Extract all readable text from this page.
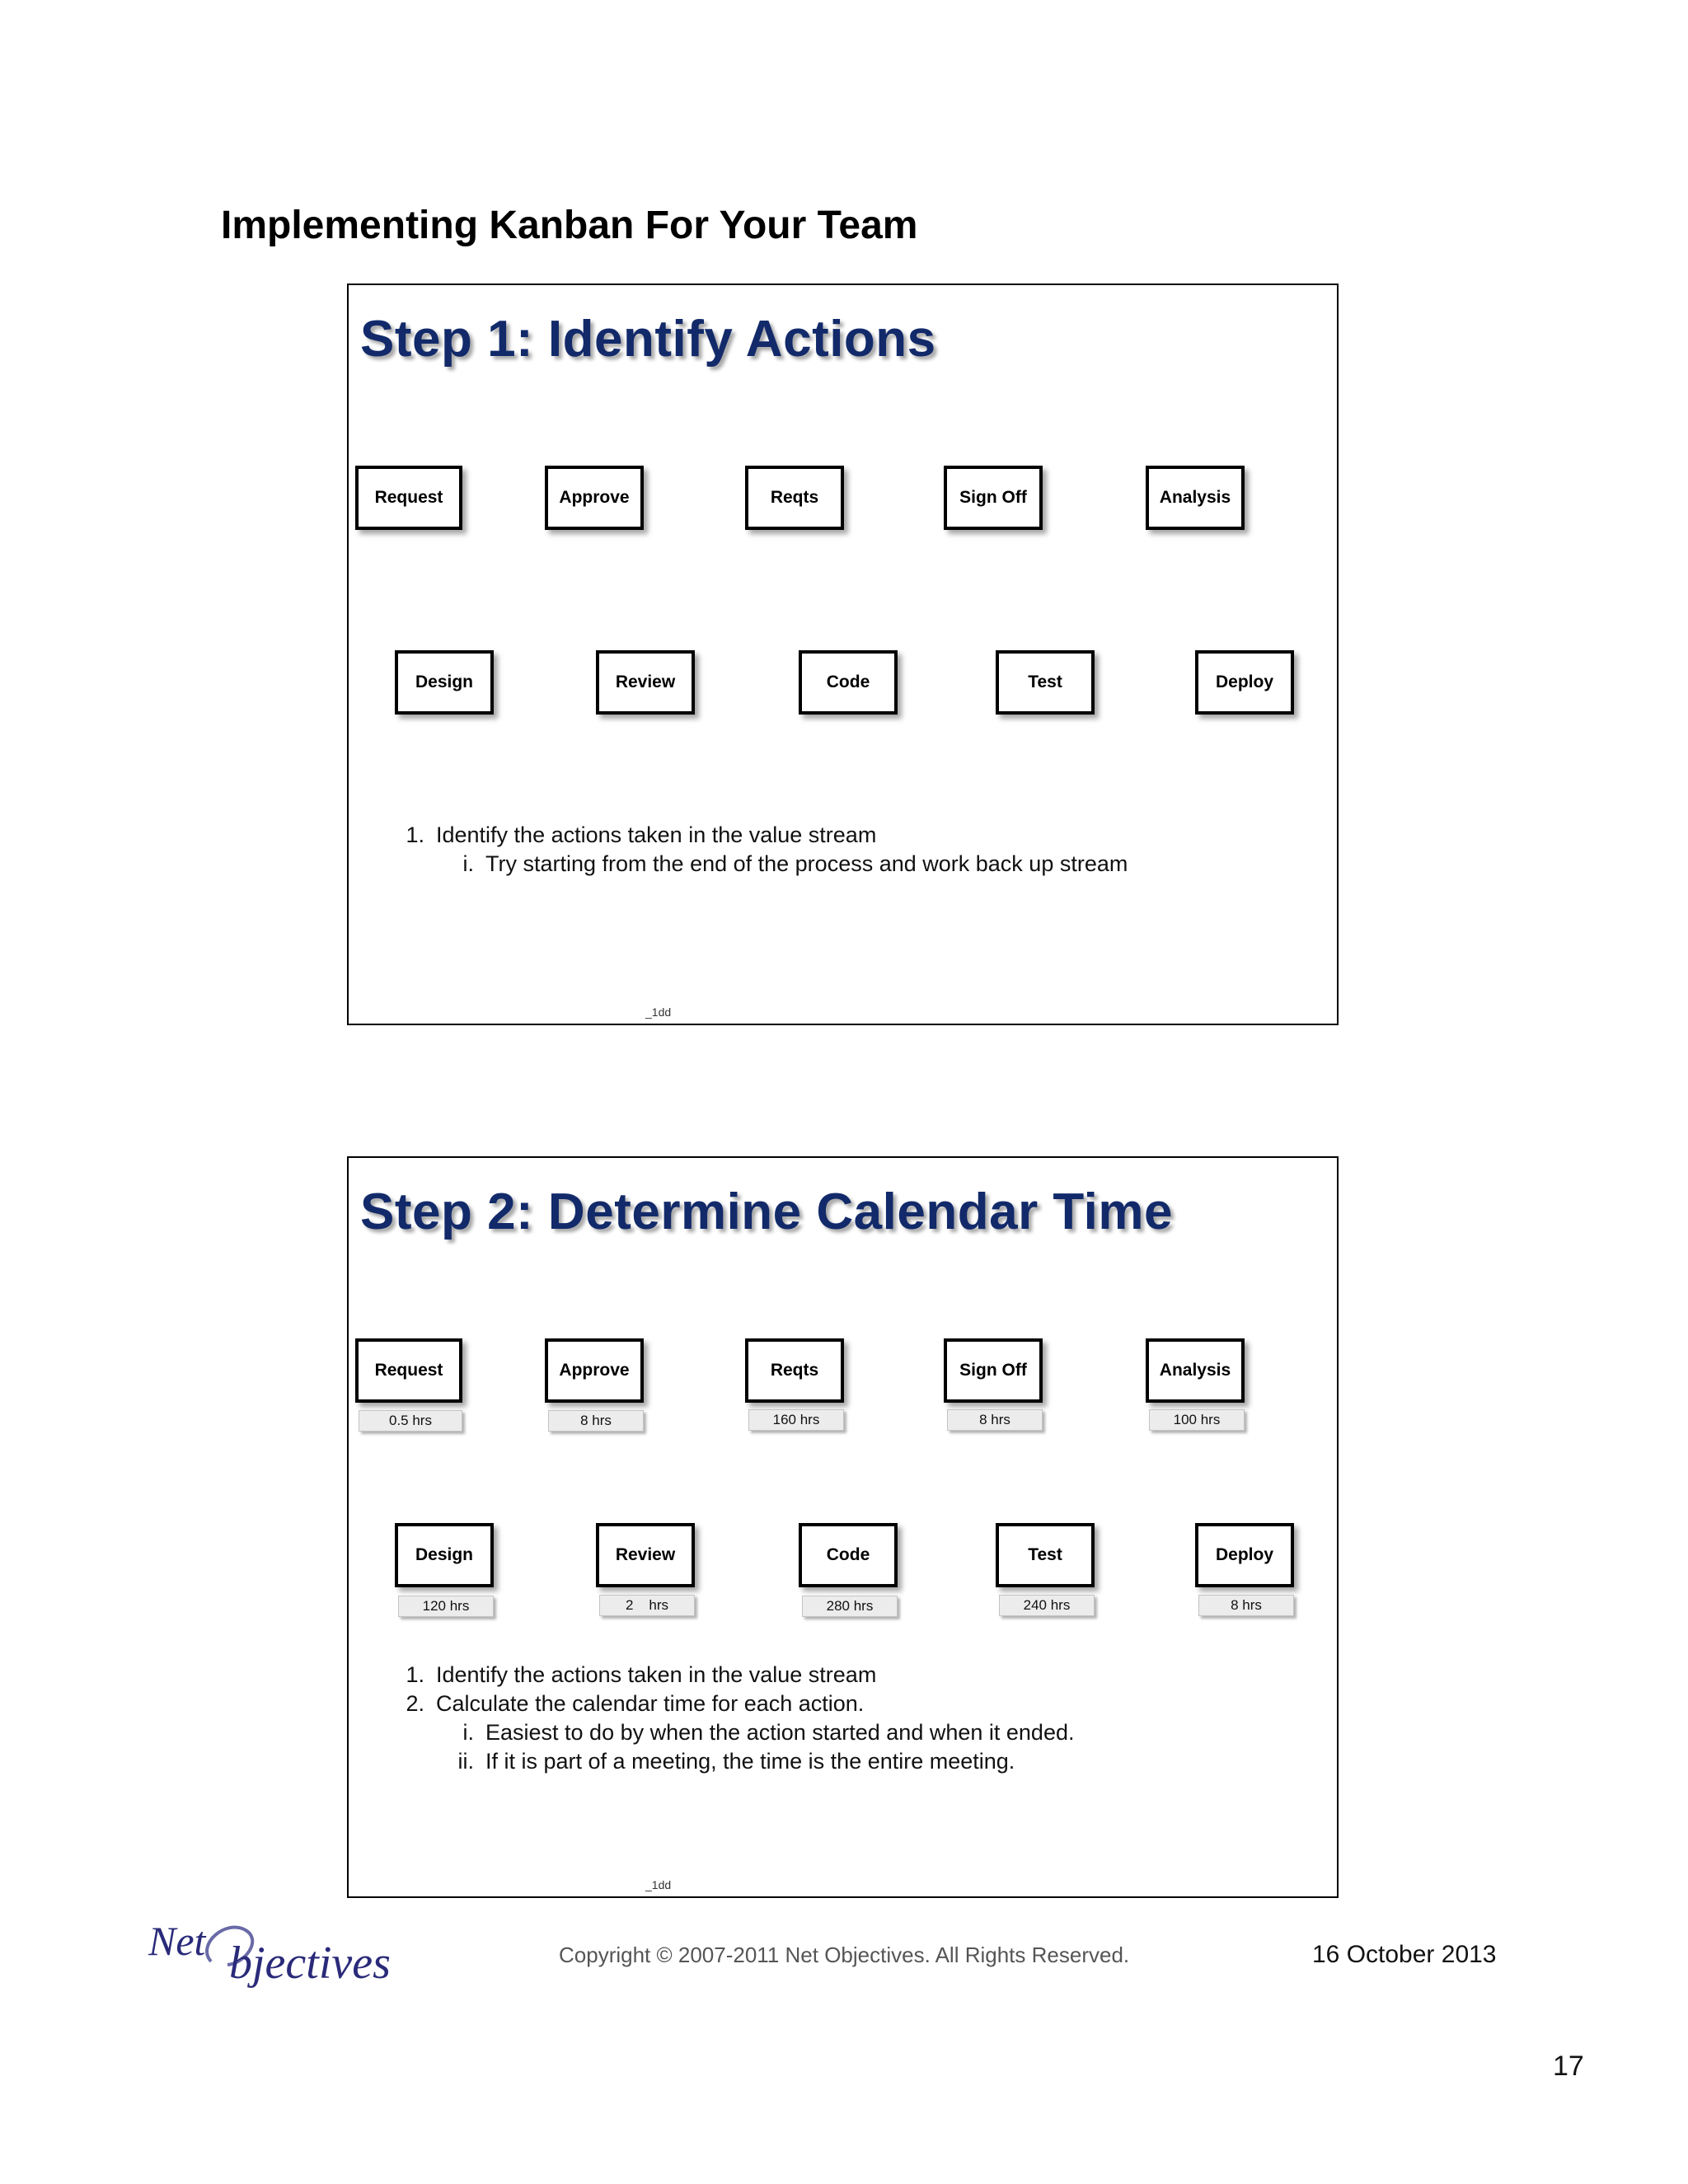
Implementing Kanban For Your Team
Step 1: Identify Actions
Request	Approve	Reqts	Sign Off	Analysis
Design	Review	Code	Test	Deploy
1. Identify the actions taken in the value stream
i. Try starting from the end of the process and work back up stream
_1dd
Step 2: Determine Calendar Time
Request	Approve	Reqts	Sign Off	Analysis
0.5 hrs	8 hrs	160 hrs	8 hrs	100 hrs
Design	Review	Code	Test	Deploy
120 hrs	2    hrs	280 hrs	240 hrs	8 hrs
1. Identify the actions taken in the value stream
2. Calculate the calendar time for each action.
i. Easiest to do by when the action started and when it ended.
ii. If it is part of a meeting, the time is the entire meeting.
_1dd
Net bjectives	Copyright © 2007-2011 Net Objectives. All Rights Reserved.	16 October 2013
17
